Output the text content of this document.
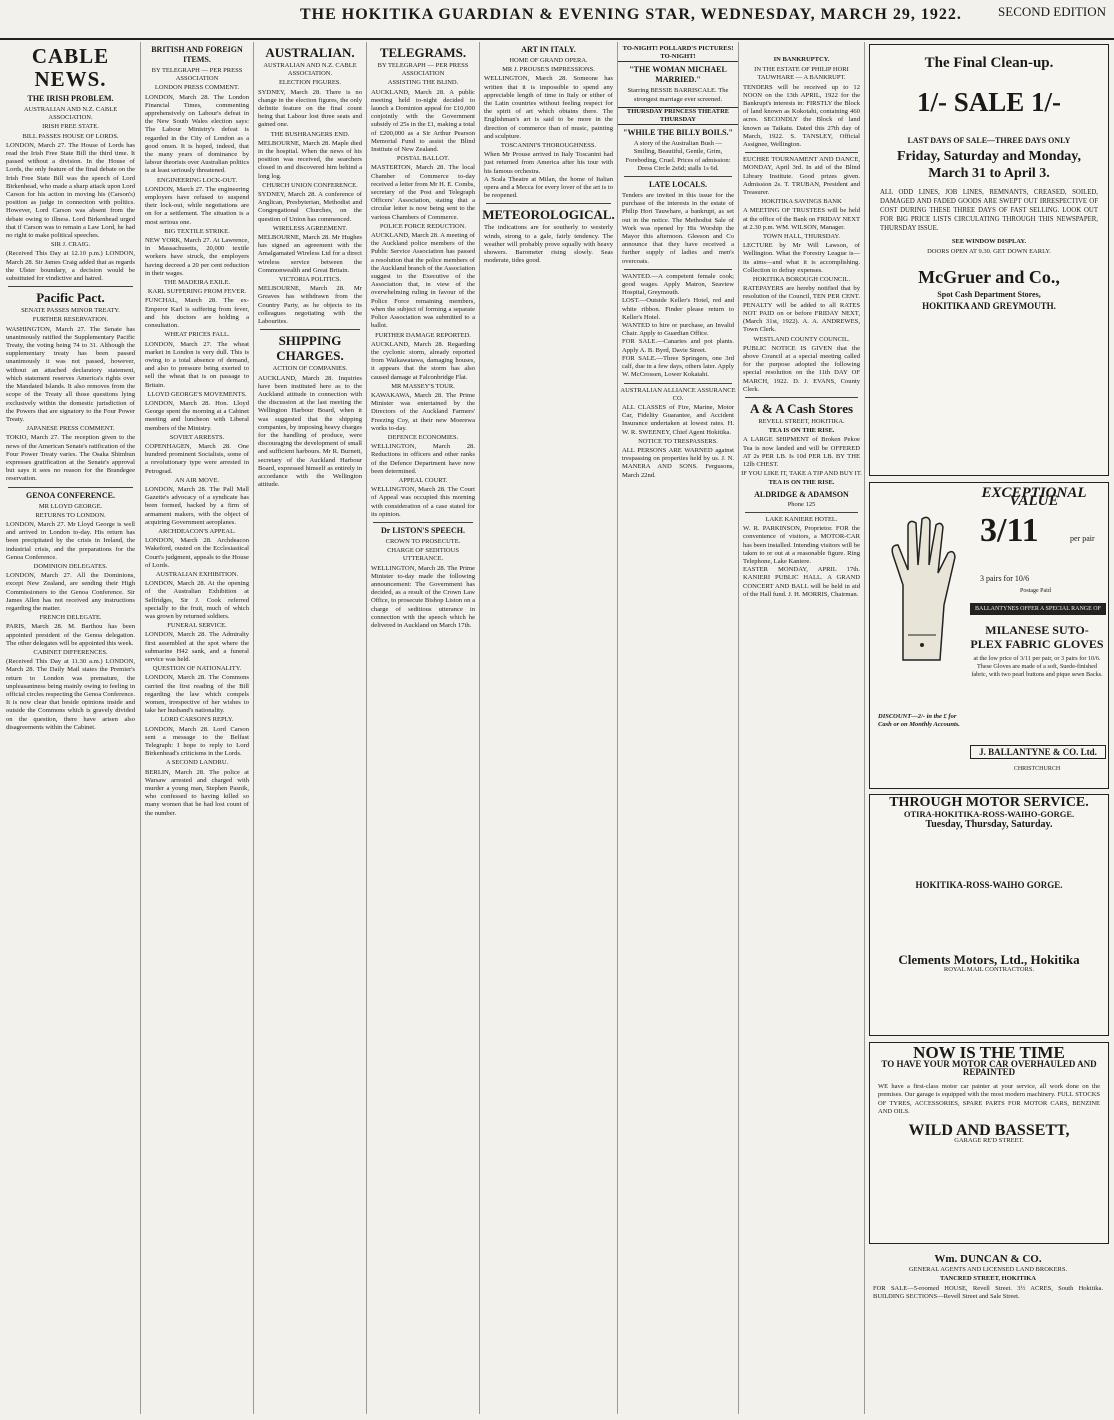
THE HOKITIKA GUARDIAN & EVENING STAR, WEDNESDAY, MARCH 29, 1922.	SECOND EDITION
CABLE NEWS.
THE IRISH PROBLEM.
AUSTRALIAN AND N.Z. CABLE ASSOCIATION.
IRISH FREE STATE.
BILL PASSES HOUSE OF LORDS.
LONDON, March 27. The House of Lords has read the Irish Free State Bill the third time. It passed without a division. In the House of Lords, the only feature of the final debate on the Irish Free State Bill was the speech of Lord Birkenhead, who made a sharp attack upon Lord Carson for his action in moving his (Carson's) position as judge in connection with politics. However, Lord Carson was absent from the debate owing to illness. Lord Birkenhead urged that if Carson was to remain a Law Lord, he had no right to make political speeches.
SIR J. CRAIG.
(Received This Day at 12.10 p.m.) LONDON, March 28. Sir James Craig added that as regards the Ulster boundary, a decision would be substituted for vindictive and hatred.
Pacific Pact.
SENATE PASSES MINOR TREATY.
FURTHER RESERVATION.
WASHINGTON, March 27. The Senate has unanimously ratified the Supplementary Pacific Treaty, the voting being 74 to 31. Although the supplementary treaty has been passed unanimously it was not passed, however, without an attached declaratory statement, which statement reserves America's rights over the Mandated Islands. It also removes from the scope of the Treaty all those questions lying exclusively within the domestic jurisdiction of the Powers that are signatory to the Four Power Treaty.
JAPANESE PRESS COMMENT.
TOKIO, March 27. The reception given to the news of the American Senate's ratification of the Four Power Treaty varies. The Osaka Shimbun expresses gratification at the Senate's approval but says it sees no reason for the Brandegee reservation.
GENOA CONFERENCE.
MR LLOYD GEORGE.
RETURNS TO LONDON.
LONDON, March 27. Mr Lloyd George is well and arrived in London to-day. His return has been precipitated by the crisis in Ireland, the industrial crisis, and the preparations for the Genoa Conference.
DOMINION DELEGATES.
LONDON, March 27. All the Dominions, except New Zealand, are sending their High Commissioners to the Genoa Conference. Sir James Allen has not received any instructions regarding the matter.
FRENCH DELEGATE.
PARIS, March 28. M. Barthou has been appointed president of the Genoa delegation. The other delegates will be appointed this week.
CABINET DIFFERENCES.
(Received This Day at 11.30 a.m.) LONDON, March 28. The Daily Mail states the Premier's return to London was premature, the unpleasantness being mainly owing to feeling in official circles respecting the Genoa Conference. It is now clear that beside opinions inside and outside the Commons which is gravely divided on the question, there have arisen also disagreements within the Cabinet.
BRITISH AND FOREIGN ITEMS.
BY TELEGRAPH — PER PRESS ASSOCIATION
LONDON PRESS COMMENT.
LONDON, March 28. The London Financial Times, commenting apprehensively on Labour's defeat in the New South Wales election says: The Labour Ministry's defeat is regarded in the City of London as a good omen. It is hoped, indeed, that the many years of dominance by labour theorists over Australian politics is at least seriously threatened.
ENGINEERING LOCK-OUT.
LONDON, March 27. The engineering employers have refused to suspend their lock-out, while negotiations are on for a settlement. The situation is a most serious one.
BIG TEXTILE STRIKE.
NEW YORK, March 27. At Lawrence, in Massachusetts, 20,000 textile workers have struck, the employers having decreed a 20 per cent reduction in their wages.
THE MADEIRA EXILE.
KARL SUFFERING FROM FEVER.
FUNCHAL, March 28. The ex-Emperor Karl is suffering from fever, and his doctors are holding a consultation.
WHEAT PRICES FALL.
LONDON, March 27. The wheat market in London is very dull. This is owing to a total absence of demand, and also to pressure being exerted to sell the wheat that is on passage to Britain.
LLOYD GEORGE'S MOVEMENTS.
LONDON, March 28. Hon. Lloyd George spent the morning at a Cabinet meeting and luncheon with Liberal members of the Ministry.
SOVIET ARRESTS.
COPENHAGEN, March 28. One hundred prominent Socialists, some of a revolutionary type were arrested in Petrograd.
AN AIR MOVE.
LONDON, March 28. The Pall Mall Gazette's advocacy of a syndicate has been formed, backed by a firm of armament makers, with the object of acquiring Government aeroplanes.
ARCHDEACON'S APPEAL.
LONDON, March 28. Archdeacon Wakeford, ousted on the Ecclesiastical Court's judgment, appeals to the House of Lords.
AUSTRALIAN EXHIBITION.
LONDON, March 28. At the opening of the Australian Exhibition at Selfridges, Sir J. Cook referred specially to the fruit, much of which was grown by returned soldiers.
FUNERAL SERVICE.
LONDON, March 28. The Admiralty first assembled at the spot where the submarine H42 sank, and a funeral service was held.
QUESTION OF NATIONALITY.
LONDON, March 28. The Commons carried the first reading of the Bill regarding the law which compels women, irrespective of her wishes to take her husband's nationality.
LORD CARSON'S REPLY.
LONDON, March 28. Lord Carson sent a message to the Belfast Telegraph: I hope to reply to Lord Birkenhead's criticisms in the Lords.
A SECOND LANDRU.
BERLIN, March 28. The police at Warsaw arrested and charged with murder a young man, Stephen Pasnik, who confessed to having killed so many women that he had lost count of the number.
AUSTRALIAN.
AUSTRALIAN AND N.Z. CABLE ASSOCIATION.
ELECTION FIGURES.
SYDNEY, March 28. There is no change in the election figures, the only definite feature on the final count being that Labour lost three seats and gained one.
THE BUSHRANGERS END.
MELBOURNE, March 28. Maple died in the hospital. When the news of his position was received, the searchers closed in and discovered him behind a long log.
CHURCH UNION CONFERENCE.
SYDNEY, March 28. A conference of Anglican, Presbyterian, Methodist and Congregational Churches, on the question of Union has commenced.
WIRELESS AGREEMENT.
MELBOURNE, March 28. Mr Hughes has signed an agreement with the Amalgamated Wireless Ltd for a direct wireless service between the Commonwealth and Great Britain.
VICTORIA POLITICS.
MELBOURNE, March 28. Mr Greaves has withdrawn from the Country Party, as he objects to its colleagues negotiating with the Labourites.
SHIPPING CHARGES.
ACTION OF COMPANIES.
AUCKLAND, March 28. Inquiries have been instituted here as to the Auckland attitude in connection with the discussion at the last meeting the Wellington Harbour Board, when it was suggested that the shipping companies, by imposing heavy charges for the handling of produce, were discouraging the development of small and sufficient harbours. Mr R. Burnett, secretary of the Auckland Harbour Board, expressed himself as entirely in accordance with the Wellington attitude.
TELEGRAMS.
BY TELEGRAPH — PER PRESS ASSOCIATION
ASSISTING THE BLIND.
AUCKLAND, March 28. A public meeting held to-night decided to launch a Dominion appeal for £10,000 conjointly with the Government subsidy of 25s in the £1, making a total of £200,000 as a Sir Arthur Pearson Memorial Fund to assist the Blind Institute of New Zealand.
POSTAL BALLOT.
MASTERTON, March 28. The local Chamber of Commerce to-day received a letter from Mr H. E. Combs, secretary of the Post and Telegraph Officers' Association, stating that a circular letter is now being sent to the various Chambers of Commerce.
POLICE FORCE REDUCTION.
AUCKLAND, March 28. A meeting of the Auckland police members of the Public Service Association has passed a resolution that the police members of the Auckland branch of the Association suggest to the Executive of the Association that, in view of the overwhelming ruling in favour of the Police Force remaining members, when the subject of forming a separate Police Association was submitted to a ballot.
FURTHER DAMAGE REPORTED.
AUCKLAND, March 28. Regarding the cyclonic storm, already reported from Waikawatawa, damaging houses, it appears that the storm has also caused damage at Falconbridge Flat.
MR MASSEY'S TOUR.
KAWAKAWA, March 28. The Prime Minister was entertained by the Directors of the Auckland Farmers' Freezing Coy, at their new Moerewa works to-day.
DEFENCE ECONOMIES.
WELLINGTON, March 28. Reductions in officers and other ranks of the Defence Department have now been determined.
APPEAL COURT.
WELLINGTON, March 28. The Court of Appeal was occupied this morning with consideration of a case stated for its opinion.
Dr LISTON'S SPEECH.
CROWN TO PROSECUTE.
CHARGE OF SEDITIOUS UTTERANCE.
WELLINGTON, March 28. The Prime Minister to-day made the following announcement: The Government has decided, as a result of the Crown Law Office, to prosecute Bishop Liston on a charge of seditious utterance in connection with the speech which he delivered in Auckland on March 17th.
ART IN ITALY.
HOME OF GRAND OPERA.
MR J. PROUSE'S IMPRESSIONS.
WELLINGTON, March 28. Someone has written that it is impossible to spend any appreciable length of time in Italy or either of the Latin countries without feeling respect for the spirit of art which obtains there. The Englishman's art is said to be more in the direction of commerce than of music, painting and sculpture.
TOSCANINI'S THOROUGHNESS.
When Mr Prouse arrived in Italy Toscanini had just returned from America after his tour with his famous orchestra.
A Scala Theatre at Milan, the home of Italian opera and a Mecca for every lover of the art is to be reopened.
METEOROLOGICAL.
The indications are for southerly to westerly winds, strong to a gale, fairly tendency. The weather will probably prove squally with heavy showers. Barometer rising slowly. Seas moderate, tides good.
TO-NIGHT! POLLARD'S PICTURES! TO-NIGHT!
"THE WOMAN MICHAEL MARRIED."
Starring BESSIE BARRISCALE. The strongest marriage ever screened.
THURSDAY PRINCESS THEATRE THURSDAY
"WHILE THE BILLY BOILS."
A story of the Australian Bush — Smiling, Beautiful, Gentle, Grim, Foreboding, Cruel. Prices of admission: Dress Circle 2s6d; stalls 1s 6d.
LATE LOCALS.
Tenders are invited in this issue for the purchase of the interests in the estate of Philip Hori Tauwhare, a bankrupt, as set out in the notice. The Methodist Sale of Work was opened by His Worship the Mayor this afternoon. Gleeson and Co announce that they have received a further supply of ladies and men's overcoats.
WANTED.—A competent female cook; good wages. Apply Matron, Seaview Hospital, Greymouth.
LOST.—Outside Keller's Hotel, red and white ribbon. Finder please return to Keller's Hotel.
WANTED to hire or purchase, an Invalid Chair. Apply to Guardian Office.
FOR SALE.—Canaries and pot plants. Apply A. B. Byrd, Davie Street.
FOR SALE.—Three Springers, one 3rd calf, due in a few days, others later. Apply W. McCrossen, Lower Kokatahi.
AUSTRALIAN ALLIANCE ASSURANCE CO.
ALL CLASSES of Fire, Marine, Motor Car, Fidelity Guarantee, and Accident Insurance undertaken at lowest rates. H. W. R. SWEENEY, Chief Agent Hokitika.
NOTICE TO TRESPASSERS.
ALL PERSONS ARE WARNED against trespassing on properties held by us. J. N. MANERA AND SONS. Fergusons, March 22nd.
IN BANKRUPTCY.
IN THE ESTATE OF PHILIP HORI TAUWHARE — A BANKRUPT.
TENDERS will be received up to 12 NOON on the 13th APRIL, 1922 for the Bankrupt's interests in: FIRSTLY the Block of land known as Kokotahi, containing 460 acres. SECONDLY the Block of land known as Taikatu. Dated this 27th day of March, 1922. S. TANSLEY, Official Assignee, Wellington.
EUCHRE TOURNAMENT AND DANCE, MONDAY, April 3rd. In aid of the Blind Library Institute. Good prizes given. Admission 2s. T. TRUBAN, President and Treasurer.
HOKITIKA SAVINGS BANK
A MEETING OF TRUSTEES will be held at the office of the Bank on FRIDAY NEXT at 2.30 p.m. WM. WILSON, Manager.
TOWN HALL, THURSDAY.
LECTURE by Mr Will Lawson, of Wellington. What the Forestry League is—its aims—and what it is accomplishing. Collection to defray expenses.
HOKITIKA BOROUGH COUNCIL.
RATEPAYERS are hereby notified that by resolution of the Council, TEN PER CENT. PENALTY will be added to all RATES NOT PAID on or before FRIDAY NEXT, (March 31st, 1922). A. A. ANDREWES, Town Clerk.
WESTLAND COUNTY COUNCIL.
PUBLIC NOTICE IS GIVEN that the above Council at a special meeting called for the purpose adopted the following special resolution on the 11th DAY OF MARCH, 1922. D. J. EVANS, County Clerk.
A & A Cash Stores
REVELL STREET, HOKITIKA.
TEA IS ON THE RISE.
A LARGE SHIPMENT of Broken Pekoe Tea is now landed and will be OFFERED AT 2s PER LB. Is 10d PER LB. BY THE 12lb CHEST.
IF YOU LIKE IT, TAKE A TIP AND BUY IT.
TEA IS ON THE RISE.
ALDRIDGE & ADAMSON
Phone 125
LAKE KANIERE HOTEL.
W. R. PARKINSON, Proprietor. FOR the convenience of visitors, a MOTOR-CAR has been installed. Intending visitors will be taken to or out at a reasonable figure. Ring Telephone, Lake Kaniere.
EASTER MONDAY, APRIL 17th. KANIERI PUBLIC HALL. A GRAND CONCERT AND BALL will be held in aid of the Hall fund. J. H. MORRIS, Chairman.
The Final Clean-up.
1/- SALE 1/-
LAST DAYS OF SALE—THREE DAYS ONLY
Friday, Saturday and Monday, March 31 to April 3.
ALL ODD LINES, JOB LINES, REMNANTS, CREASED, SOILED, DAMAGED AND FADED GOODS ARE SWEPT OUT IRRESPECTIVE OF COST DURING THESE THREE DAYS OF FAST SELLING. LOOK OUT FOR BIG PRICE LISTS CIRCULATING THROUGH THIS NEWSPAPER, THURSDAY ISSUE.
SEE WINDOW DISPLAY.
DOORS OPEN AT 9.30. GET DOWN EARLY.
McGruer and Co.,
Spot Cash Department Stores,
HOKITIKA AND GREYMOUTH.
EXCEPTIONAL VALUE
3/11	per pair
3 pairs for 10/6
Postage Paid
BALLANTYNES OFFER A SPECIAL RANGE OF
MILANESE SUTO-PLEX FABRIC GLOVES
at the low price of 3/11 per pair, or 3 pairs for 10/6. These Gloves are made of a soft, Suede-finished fabric, with two pearl buttons and pique sewn Backs.
DISCOUNT—2/- in the £ for Cash or on Monthly Accounts.
J. BALLANTYNE & CO. Ltd.
CHRISTCHURCH
THROUGH MOTOR SERVICE.
OTIRA-HOKITIKA-ROSS-WAIHO-GORGE.
Tuesday, Thursday, Saturday.
HOKITIKA-ROSS-WAIHO GORGE.
Clements Motors, Ltd., Hokitika
ROYAL MAIL CONTRACTORS.
NOW IS THE TIME
TO HAVE YOUR MOTOR CAR OVERHAULED AND REPAINTED
WE have a first-class motor car painter at your service, all work done on the premises. Our garage is equipped with the most modern machinery. FULL STOCKS OF TYRES, ACCESSORIES, SPARE PARTS FOR MOTOR CARS, BENZINE AND OILS.
WILD AND BASSETT,
GARAGE RE'D STREET.
Wm. DUNCAN & CO.
GENERAL AGENTS AND LICENSED LAND BROKERS.
TANCRED STREET, HOKITIKA
FOR SALE—5-roomed HOUSE, Revell Street. 3½ ACRES, South Hokitika. BUILDING SECTIONS—Revell Street and Sale Street.
